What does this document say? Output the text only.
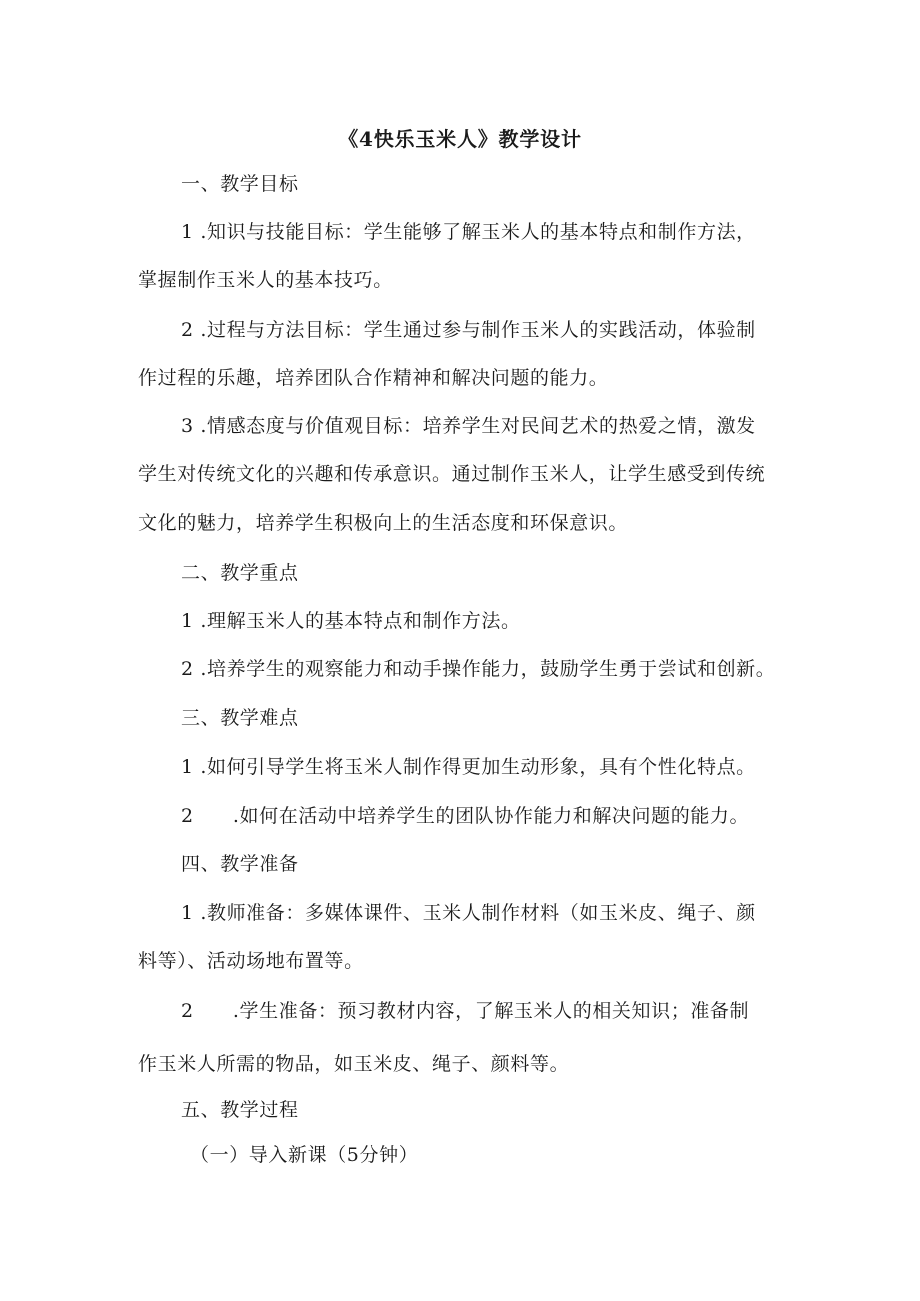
《4快乐玉米人》教学设计

一、教学目标

1 .知识与技能目标：学生能够了解玉米人的基本特点和制作方法，

掌握制作玉米人的基本技巧。

2 .过程与方法目标：学生通过参与制作玉米人的实践活动，体验制

作过程的乐趣，培养团队合作精神和解决问题的能力。

3 .情感态度与价值观目标：培养学生对民间艺术的热爱之情，激发

学生对传统文化的兴趣和传承意识。通过制作玉米人，让学生感受到传统

文化的魅力，培养学生积极向上的生活态度和环保意识。

二、教学重点

1 .理解玉米人的基本特点和制作方法。

2 .培养学生的观察能力和动手操作能力，鼓励学生勇于尝试和创新。

三、教学难点

1 .如何引导学生将玉米人制作得更加生动形象，具有个性化特点。

2　　.如何在活动中培养学生的团队协作能力和解决问题的能力。

四、教学准备

1 .教师准备：多媒体课件、玉米人制作材料（如玉米皮、绳子、颜

料等）、活动场地布置等。

2　　.学生准备：预习教材内容，了解玉米人的相关知识；准备制

作玉米人所需的物品，如玉米皮、绳子、颜料等。

五、教学过程

（一）导入新课（5分钟）
